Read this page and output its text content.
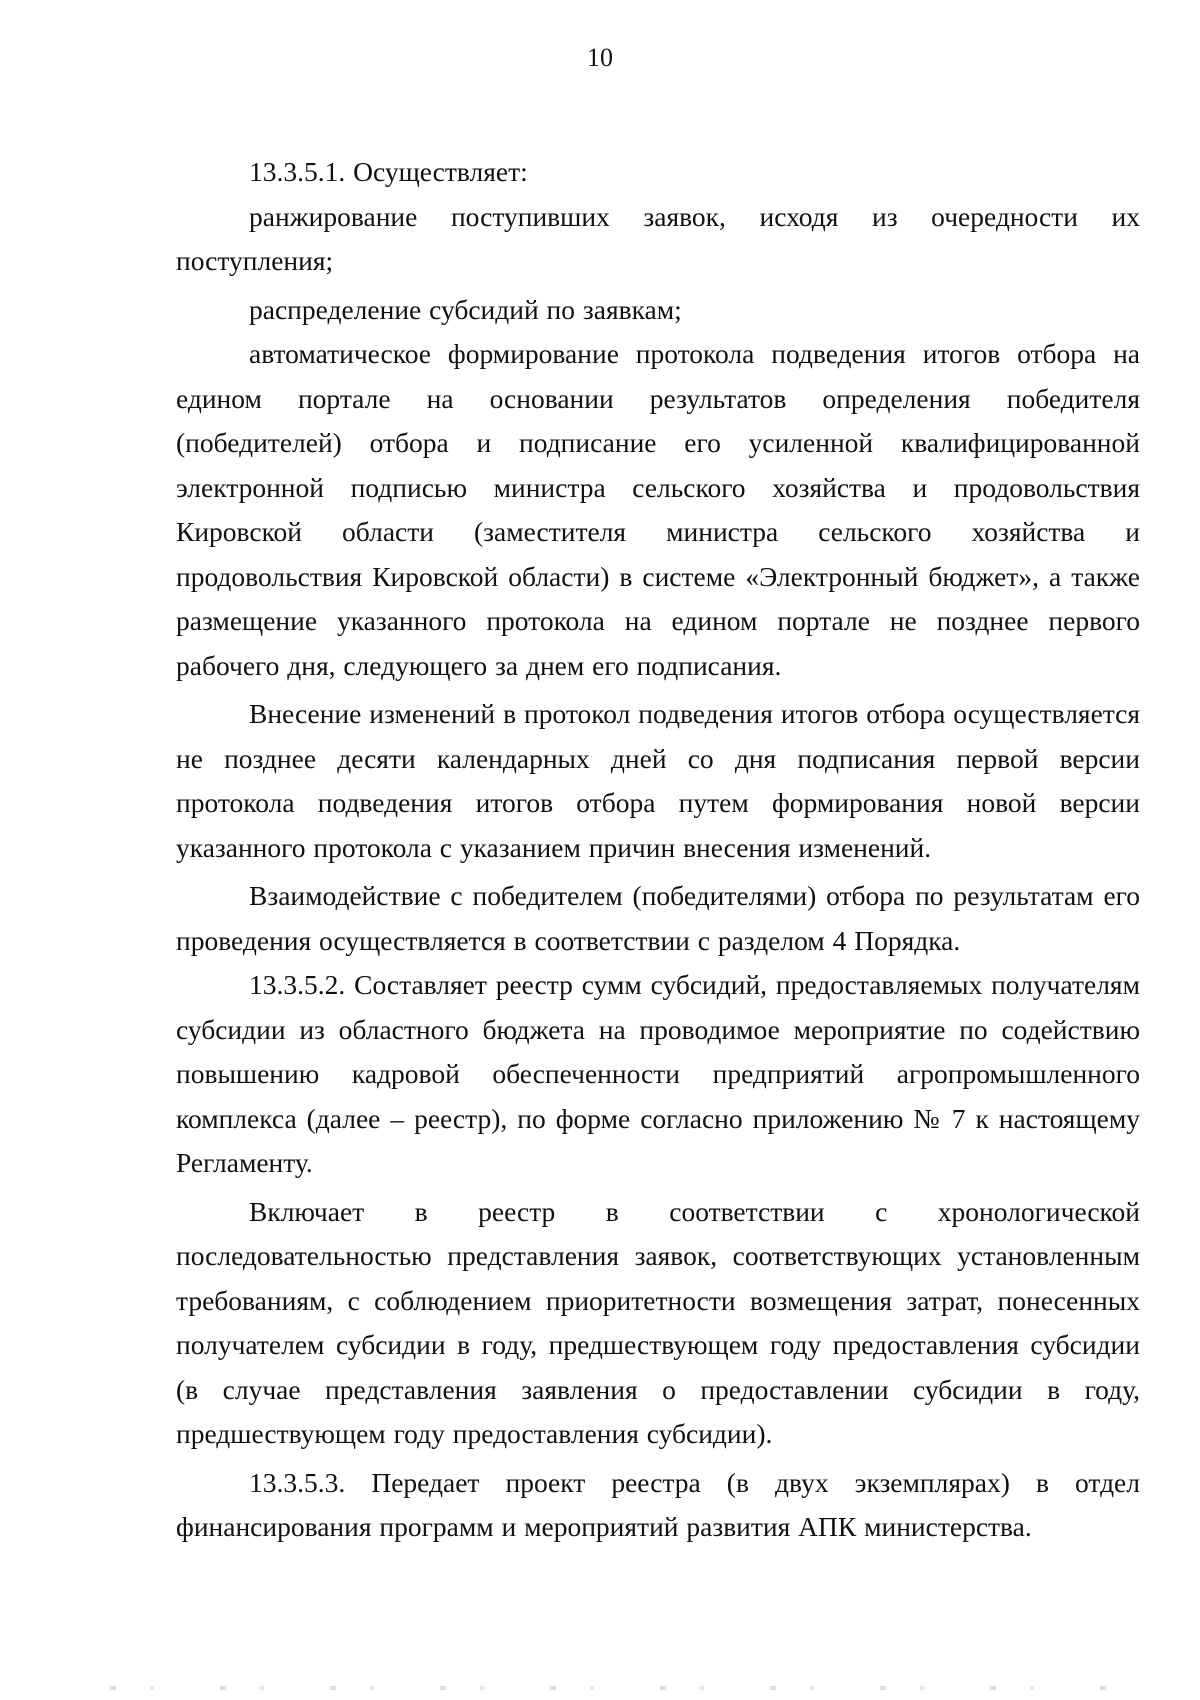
10

13.3.5.1. Осуществляет:

ранжирование поступивших заявок, исходя из очередности их поступления;

распределение субсидий по заявкам;

автоматическое формирование протокола подведения итогов отбора на едином портале на основании результатов определения победителя (победителей) отбора и подписание его усиленной квалифицированной электронной подписью министра сельского хозяйства и продовольствия Кировской области (заместителя министра сельского хозяйства и продовольствия Кировской области) в системе «Электронный бюджет», а также размещение указанного протокола на едином портале не позднее первого рабочего дня, следующего за днем его подписания.

Внесение изменений в протокол подведения итогов отбора осуществляется не позднее десяти календарных дней со дня подписания первой версии протокола подведения итогов отбора путем формирования новой версии указанного протокола с указанием причин внесения изменений.

Взаимодействие с победителем (победителями) отбора по результатам его проведения осуществляется в соответствии с разделом 4 Порядка.

13.3.5.2. Составляет реестр сумм субсидий, предоставляемых получателям субсидии из областного бюджета на проводимое мероприятие по содействию повышению кадровой обеспеченности предприятий агропромышленного комплекса (далее – реестр), по форме согласно приложению № 7 к настоящему Регламенту.

Включает в реестр в соответствии с хронологической последовательностью представления заявок, соответствующих установленным требованиям, с соблюдением приоритетности возмещения затрат, понесенных получателем субсидии в году, предшествующем году предоставления субсидии (в случае представления заявления о предоставлении субсидии в году, предшествующем году предоставления субсидии).

13.3.5.3. Передает проект реестра (в двух экземплярах) в отдел финансирования программ и мероприятий развития АПК министерства.
